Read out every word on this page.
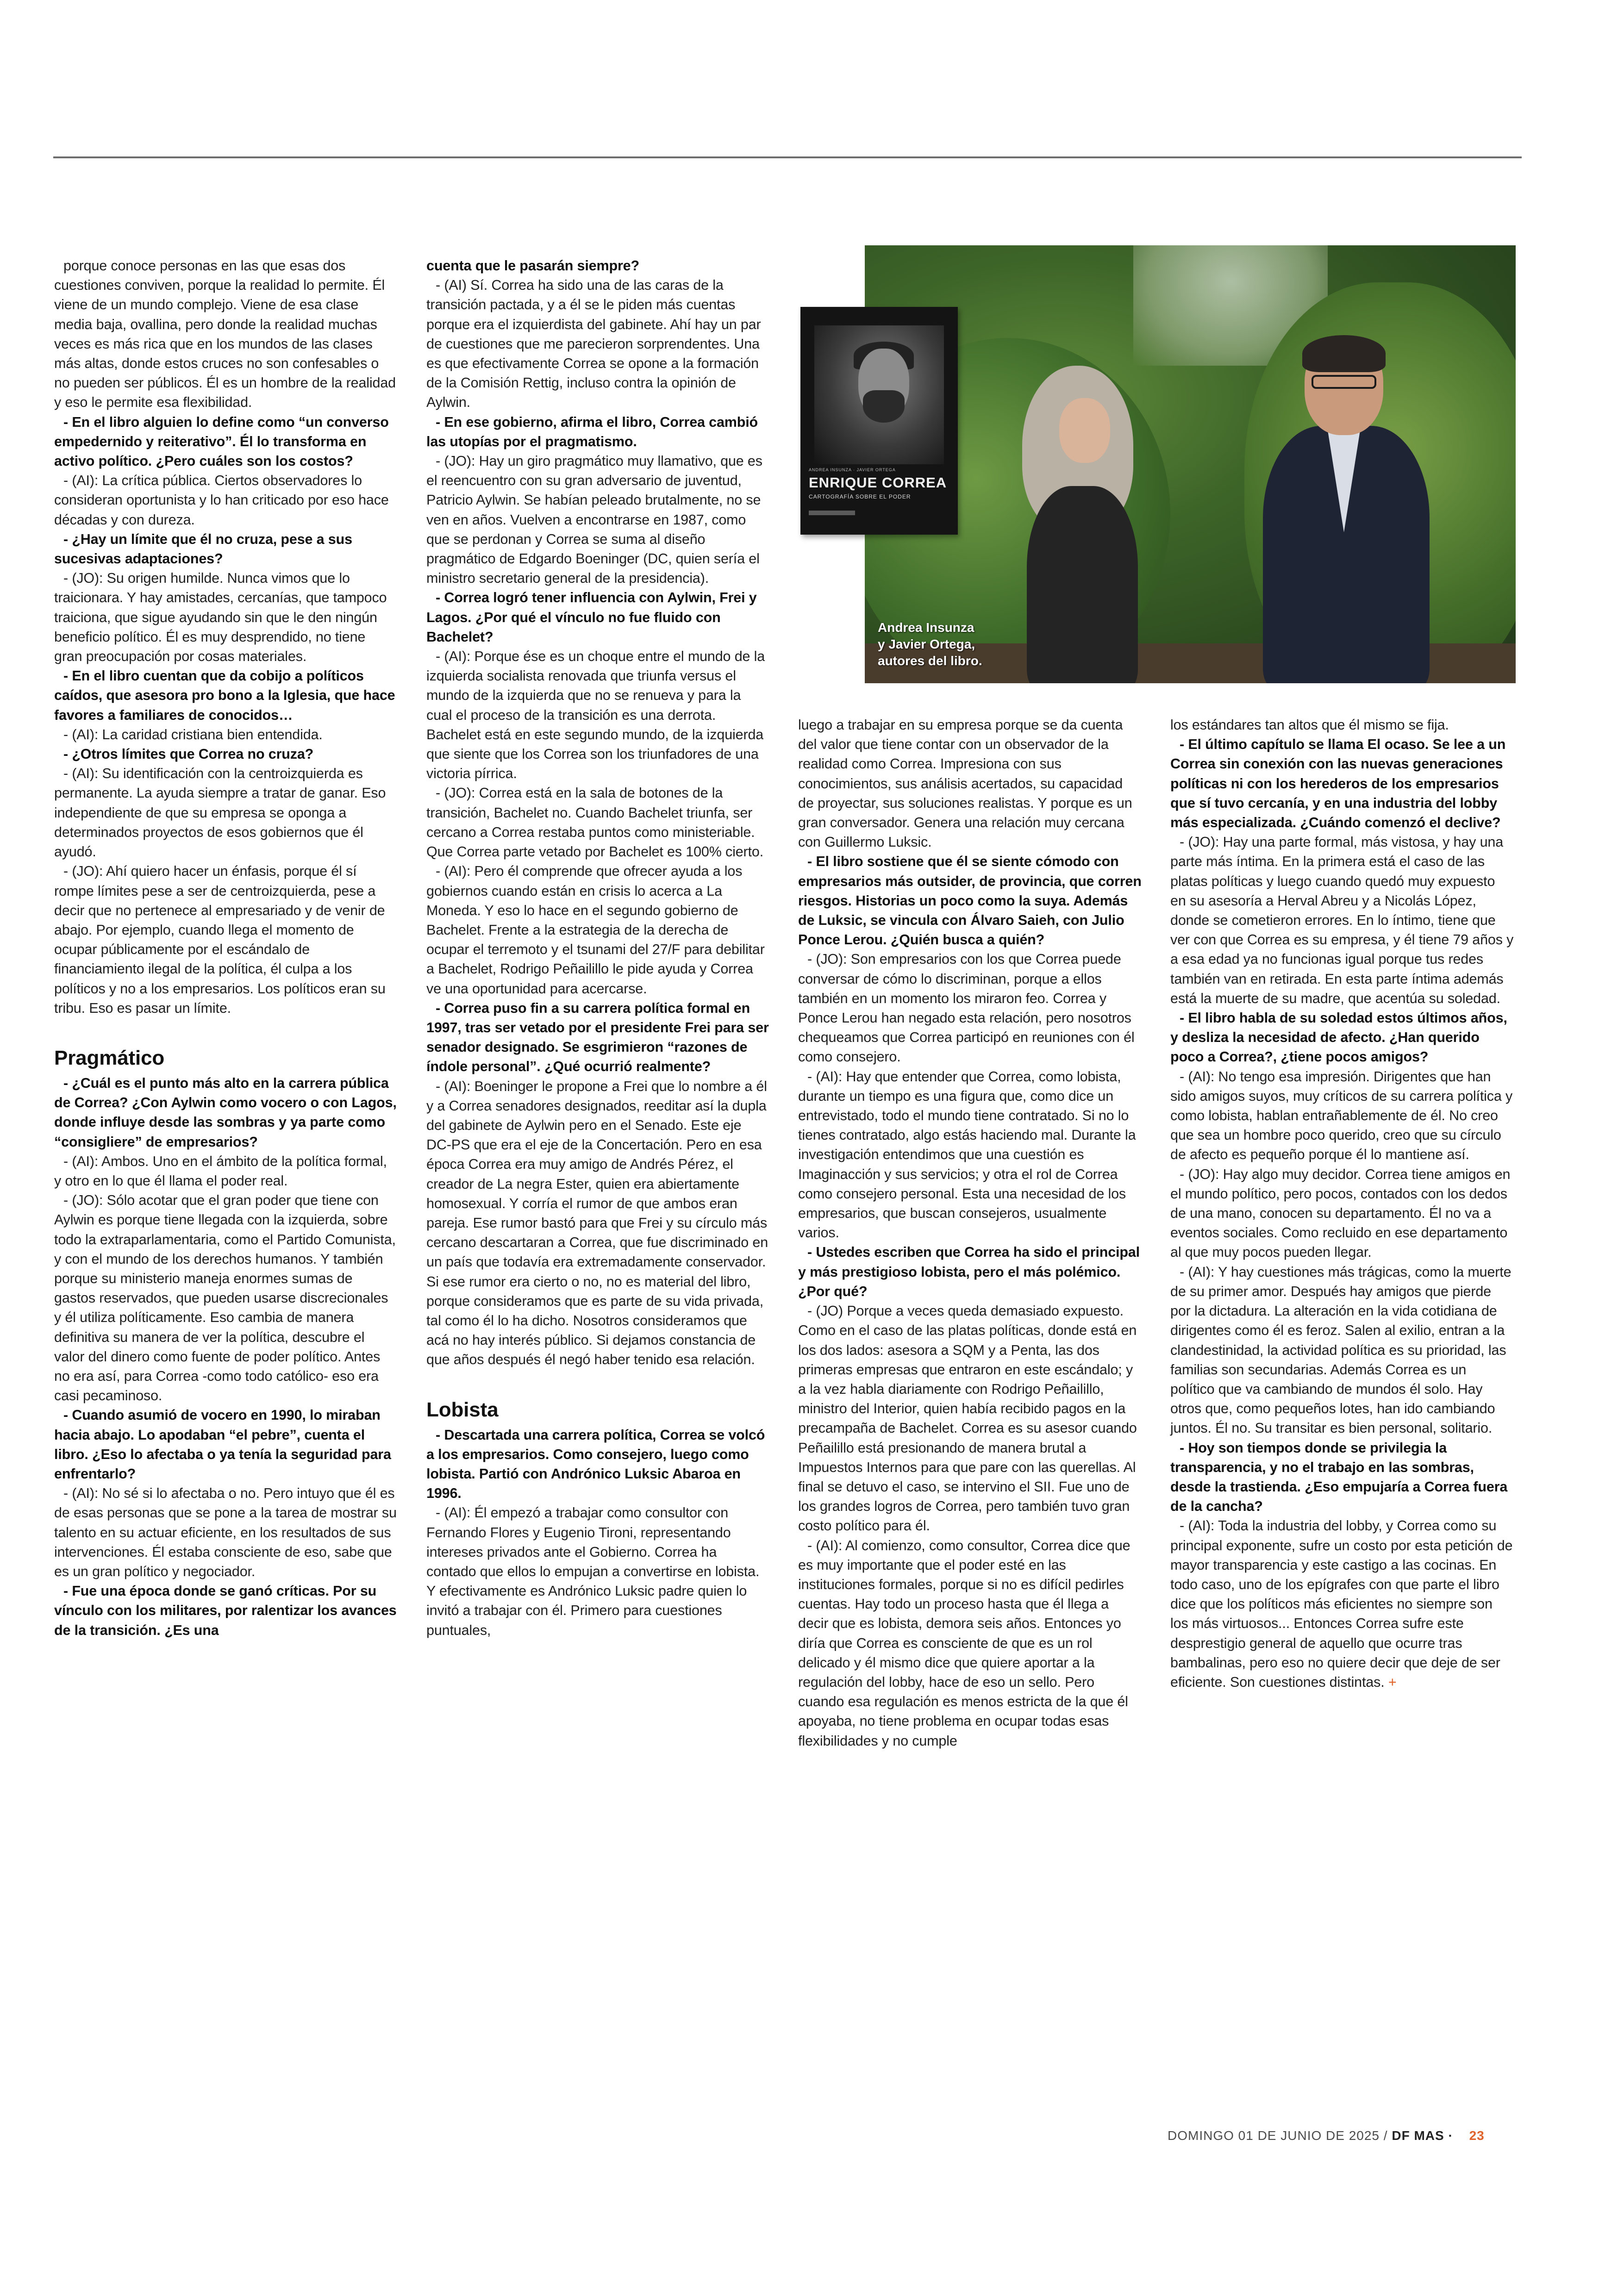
porque conoce personas en las que esas dos cuestiones conviven, porque la realidad lo permite. Él viene de un mundo complejo. Viene de esa clase media baja, ovallina, pero donde la realidad muchas veces es más rica que en los mundos de las clases más altas, donde estos cruces no son confesables o no pueden ser públicos. Él es un hombre de la realidad y eso le permite esa flexibilidad.

- En el libro alguien lo define como “un converso empedernido y reiterativo”. Él lo transforma en activo político. ¿Pero cuáles son los costos?

- (AI): La crítica pública. Ciertos observadores lo consideran oportunista y lo han criticado por eso hace décadas y con dureza.

- ¿Hay un límite que él no cruza, pese a sus sucesivas adaptaciones?

- (JO): Su origen humilde. Nunca vimos que lo traicionara. Y hay amistades, cercanías, que tampoco traiciona, que sigue ayudando sin que le den ningún beneficio político. Él es muy desprendido, no tiene gran preocupación por cosas materiales.

- En el libro cuentan que da cobijo a políticos caídos, que asesora pro bono a la Iglesia, que hace favores a familiares de conocidos…

- (AI): La caridad cristiana bien entendida.

- ¿Otros límites que Correa no cruza?

- (AI): Su identificación con la centroizquierda es permanente. La ayuda siempre a tratar de ganar. Eso independiente de que su empresa se oponga a determinados proyectos de esos gobiernos que él ayudó.

- (JO): Ahí quiero hacer un énfasis, porque él sí rompe límites pese a ser de centroizquierda, pese a decir que no pertenece al empresariado y de venir de abajo. Por ejemplo, cuando llega el momento de ocupar públicamente por el escándalo de financiamiento ilegal de la política, él culpa a los políticos y no a los empresarios. Los políticos eran su tribu. Eso es pasar un límite.

Pragmático

- ¿Cuál es el punto más alto en la carrera pública de Correa? ¿Con Aylwin como vocero o con Lagos, donde influye desde las sombras y ya parte como “consigliere” de empresarios?

- (AI): Ambos. Uno en el ámbito de la política formal, y otro en lo que él llama el poder real.

- (JO): Sólo acotar que el gran poder que tiene con Aylwin es porque tiene llegada con la izquierda, sobre todo la extraparlamentaria, como el Partido Comunista, y con el mundo de los derechos humanos. Y también porque su ministerio maneja enormes sumas de gastos reservados, que pueden usarse discrecionales y él utiliza políticamente. Eso cambia de manera definitiva su manera de ver la política, descubre el valor del dinero como fuente de poder político. Antes no era así, para Correa -como todo católico- eso era casi pecaminoso.

- Cuando asumió de vocero en 1990, lo miraban hacia abajo. Lo apodaban “el pebre”, cuenta el libro. ¿Eso lo afectaba o ya tenía la seguridad para enfrentarlo?

- (AI): No sé si lo afectaba o no. Pero intuyo que él es de esas personas que se pone a la tarea de mostrar su talento en su actuar eficiente, en los resultados de sus intervenciones. Él estaba consciente de eso, sabe que es un gran político y negociador.

- Fue una época donde se ganó críticas. Por su vínculo con los militares, por ralentizar los avances de la transición. ¿Es una

cuenta que le pasarán siempre?

- (AI) Sí. Correa ha sido una de las caras de la transición pactada, y a él se le piden más cuentas porque era el izquierdista del gabinete. Ahí hay un par de cuestiones que me parecieron sorprendentes. Una es que efectivamente Correa se opone a la formación de la Comisión Rettig, incluso contra la opinión de Aylwin.

- En ese gobierno, afirma el libro, Correa cambió las utopías por el pragmatismo.

- (JO): Hay un giro pragmático muy llamativo, que es el reencuentro con su gran adversario de juventud, Patricio Aylwin. Se habían peleado brutalmente, no se ven en años. Vuelven a encontrarse en 1987, como que se perdonan y Correa se suma al diseño pragmático de Edgardo Boeninger (DC, quien sería el ministro secretario general de la presidencia).

- Correa logró tener influencia con Aylwin, Frei y Lagos. ¿Por qué el vínculo no fue fluido con Bachelet?

- (AI): Porque ése es un choque entre el mundo de la izquierda socialista renovada que triunfa versus el mundo de la izquierda que no se renueva y para la cual el proceso de la transición es una derrota. Bachelet está en este segundo mundo, de la izquierda que siente que los Correa son los triunfadores de una victoria pírrica.

- (JO): Correa está en la sala de botones de la transición, Bachelet no. Cuando Bachelet triunfa, ser cercano a Correa restaba puntos como ministeriable. Que Correa parte vetado por Bachelet es 100% cierto.

- (AI): Pero él comprende que ofrecer ayuda a los gobiernos cuando están en crisis lo acerca a La Moneda. Y eso lo hace en el segundo gobierno de Bachelet. Frente a la estrategia de la derecha de ocupar el terremoto y el tsunami del 27/F para debilitar a Bachelet, Rodrigo Peñailillo le pide ayuda y Correa ve una oportunidad para acercarse.

- Correa puso fin a su carrera política formal en 1997, tras ser vetado por el presidente Frei para ser senador designado. Se esgrimieron “razones de índole personal”. ¿Qué ocurrió realmente?

- (AI): Boeninger le propone a Frei que lo nombre a él y a Correa senadores designados, reeditar así la dupla del gabinete de Aylwin pero en el Senado. Este eje DC-PS que era el eje de la Concertación. Pero en esa época Correa era muy amigo de Andrés Pérez, el creador de La negra Ester, quien era abiertamente homosexual. Y corría el rumor de que ambos eran pareja. Ese rumor bastó para que Frei y su círculo más cercano descartaran a Correa, que fue discriminado en un país que todavía era extremadamente conservador. Si ese rumor era cierto o no, no es material del libro, porque consideramos que es parte de su vida privada, tal como él lo ha dicho. Nosotros consideramos que acá no hay interés público. Si dejamos constancia de que años después él negó haber tenido esa relación.

Lobista

- Descartada una carrera política, Correa se volcó a los empresarios. Como consejero, luego como lobista. Partió con Andrónico Luksic Abaroa en 1996.

- (AI): Él empezó a trabajar como consultor con Fernando Flores y Eugenio Tironi, representando intereses privados ante el Gobierno. Correa ha contado que ellos lo empujan a convertirse en lobista. Y efectivamente es Andrónico Luksic padre quien lo invitó a trabajar con él. Primero para cuestiones puntuales,

Andrea Insunza
y Javier Ortega,
autores del libro.
ANDREA INSUNZA · JAVIER ORTEGA
ENRIQUE CORREA
CARTOGRAFÍA SOBRE EL PODER

luego a trabajar en su empresa porque se da cuenta del valor que tiene contar con un observador de la realidad como Correa. Impresiona con sus conocimientos, sus análisis acertados, su capacidad de proyectar, sus soluciones realistas. Y porque es un gran conversador. Genera una relación muy cercana con Guillermo Luksic.

- El libro sostiene que él se siente cómodo con empresarios más outsider, de provincia, que corren riesgos. Historias un poco como la suya. Además de Luksic, se vincula con Álvaro Saieh, con Julio Ponce Lerou. ¿Quién busca a quién?

- (JO): Son empresarios con los que Correa puede conversar de cómo lo discriminan, porque a ellos también en un momento los miraron feo. Correa y Ponce Lerou han negado esta relación, pero nosotros chequeamos que Correa participó en reuniones con él como consejero.

- (AI): Hay que entender que Correa, como lobista, durante un tiempo es una figura que, como dice un entrevistado, todo el mundo tiene contratado. Si no lo tienes contratado, algo estás haciendo mal. Durante la investigación entendimos que una cuestión es Imaginacción y sus servicios; y otra el rol de Correa como consejero personal. Esta una necesidad de los empresarios, que buscan consejeros, usualmente varios.

- Ustedes escriben que Correa ha sido el principal y más prestigioso lobista, pero el más polémico. ¿Por qué?

- (JO) Porque a veces queda demasiado expuesto. Como en el caso de las platas políticas, donde está en los dos lados: asesora a SQM y a Penta, las dos primeras empresas que entraron en este escándalo; y a la vez habla diariamente con Rodrigo Peñailillo, ministro del Interior, quien había recibido pagos en la precampaña de Bachelet. Correa es su asesor cuando Peñailillo está presionando de manera brutal a Impuestos Internos para que pare con las querellas. Al final se detuvo el caso, se intervino el SII. Fue uno de los grandes logros de Correa, pero también tuvo gran costo político para él.

- (AI): Al comienzo, como consultor, Correa dice que es muy importante que el poder esté en las instituciones formales, porque si no es difícil pedirles cuentas. Hay todo un proceso hasta que él llega a decir que es lobista, demora seis años. Entonces yo diría que Correa es consciente de que es un rol delicado y él mismo dice que quiere aportar a la regulación del lobby, hace de eso un sello. Pero cuando esa regulación es menos estricta de la que él apoyaba, no tiene problema en ocupar todas esas flexibilidades y no cumple

los estándares tan altos que él mismo se fija.

- El último capítulo se llama El ocaso. Se lee a un Correa sin conexión con las nuevas generaciones políticas ni con los herederos de los empresarios que sí tuvo cercanía, y en una industria del lobby más especializada. ¿Cuándo comenzó el declive?

- (JO): Hay una parte formal, más vistosa, y hay una parte más íntima. En la primera está el caso de las platas políticas y luego cuando quedó muy expuesto en su asesoría a Herval Abreu y a Nicolás López, donde se cometieron errores. En lo íntimo, tiene que ver con que Correa es su empresa, y él tiene 79 años y a esa edad ya no funcionas igual porque tus redes también van en retirada. En esta parte íntima además está la muerte de su madre, que acentúa su soledad.

- El libro habla de su soledad estos últimos años, y desliza la necesidad de afecto. ¿Han querido poco a Correa?, ¿tiene pocos amigos?

- (AI): No tengo esa impresión. Dirigentes que han sido amigos suyos, muy críticos de su carrera política y como lobista, hablan entrañablemente de él. No creo que sea un hombre poco querido, creo que su círculo de afecto es pequeño porque él lo mantiene así.

- (JO): Hay algo muy decidor. Correa tiene amigos en el mundo político, pero pocos, contados con los dedos de una mano, conocen su departamento. Él no va a eventos sociales. Como recluido en ese departamento al que muy pocos pueden llegar.

- (AI): Y hay cuestiones más trágicas, como la muerte de su primer amor. Después hay amigos que pierde por la dictadura. La alteración en la vida cotidiana de dirigentes como él es feroz. Salen al exilio, entran a la clandestinidad, la actividad política es su prioridad, las familias son secundarias. Además Correa es un político que va cambiando de mundos él solo. Hay otros que, como pequeños lotes, han ido cambiando juntos. Él no. Su transitar es bien personal, solitario.

- Hoy son tiempos donde se privilegia la transparencia, y no el trabajo en las sombras, desde la trastienda. ¿Eso empujaría a Correa fuera de la cancha?

- (AI): Toda la industria del lobby, y Correa como su principal exponente, sufre un costo por esta petición de mayor transparencia y este castigo a las cocinas. En todo caso, uno de los epígrafes con que parte el libro dice que los políticos más eficientes no siempre son los más virtuosos... Entonces Correa sufre este desprestigio general de aquello que ocurre tras bambalinas, pero eso no quiere decir que deje de ser eficiente. Son cuestiones distintas. +

DOMINGO 01 DE JUNIO DE 2025 / DF MAS · 23
